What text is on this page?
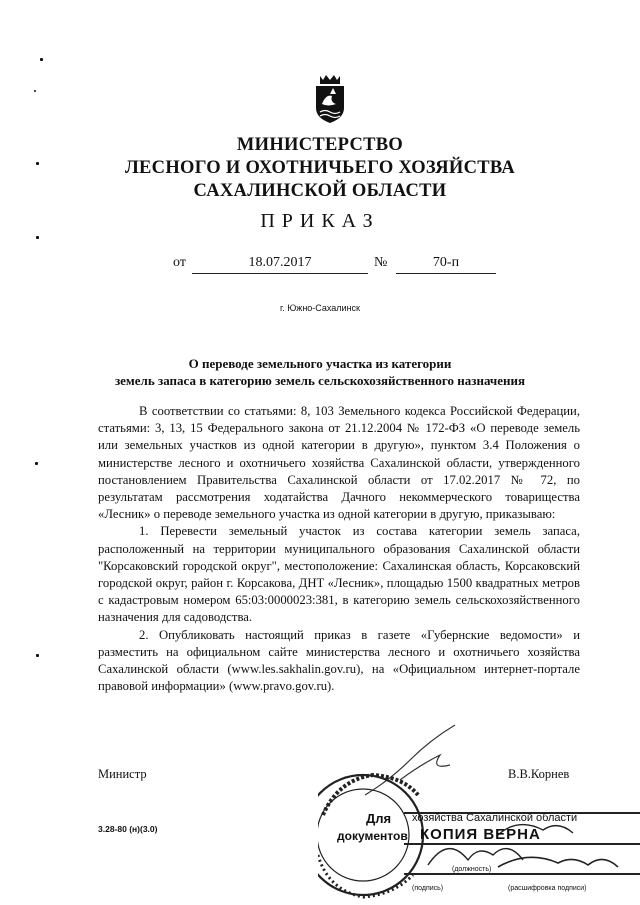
МИНИСТЕРСТВО
ЛЕСНОГО И ОХОТНИЧЬЕГО ХОЗЯЙСТВА
САХАЛИНСКОЙ ОБЛАСТИ
ПРИКАЗ
от	18.07.2017	№	70-п
г. Южно-Сахалинск
О переводе земельного участка из категории
земель запаса в категорию земель сельскохозяйственного назначения

В соответствии со статьями: 8, 103 Земельного кодекса Российской Федерации, статьями: 3, 13, 15 Федерального закона от 21.12.2004 № 172-ФЗ «О переводе земель или земельных участков из одной категории в другую», пунктом 3.4 Положения о министерстве лесного и охотничьего хозяйства Сахалинской области, утвержденного постановлением Правительства Сахалинской области от 17.02.2017 № 72, по результатам рассмотрения ходатайства Дачного некоммерческого товарищества «Лесник» о переводе земельного участка из одной категории в другую, приказываю:

1. Перевести земельный участок из состава категории земель запаса, расположенный на территории муниципального образования Сахалинской области "Корсаковский городской округ", местоположение: Сахалинская область, Корсаковский городской округ, район г. Корсакова, ДНТ «Лесник», площадью 1500 квадратных метров с кадастровым номером 65:03:0000023:381, в категорию земель сельскохозяйственного назначения для садоводства.

2. Опубликовать настоящий приказ в газете «Губернские ведомости» и разместить на официальном сайте министерства лесного и охотничьего хозяйства Сахалинской области (www.les.sakhalin.gov.ru), на «Официальном интернет-портале правовой информации» (www.pravo.gov.ru).

Министр	В.В.Корнев
3.28-80 (н)(3.0)
Для
документов
хозяйства Сахалинской области
КОПИЯ ВЕРНА
(должность)
(подпись)	(расшифровка подписи)
